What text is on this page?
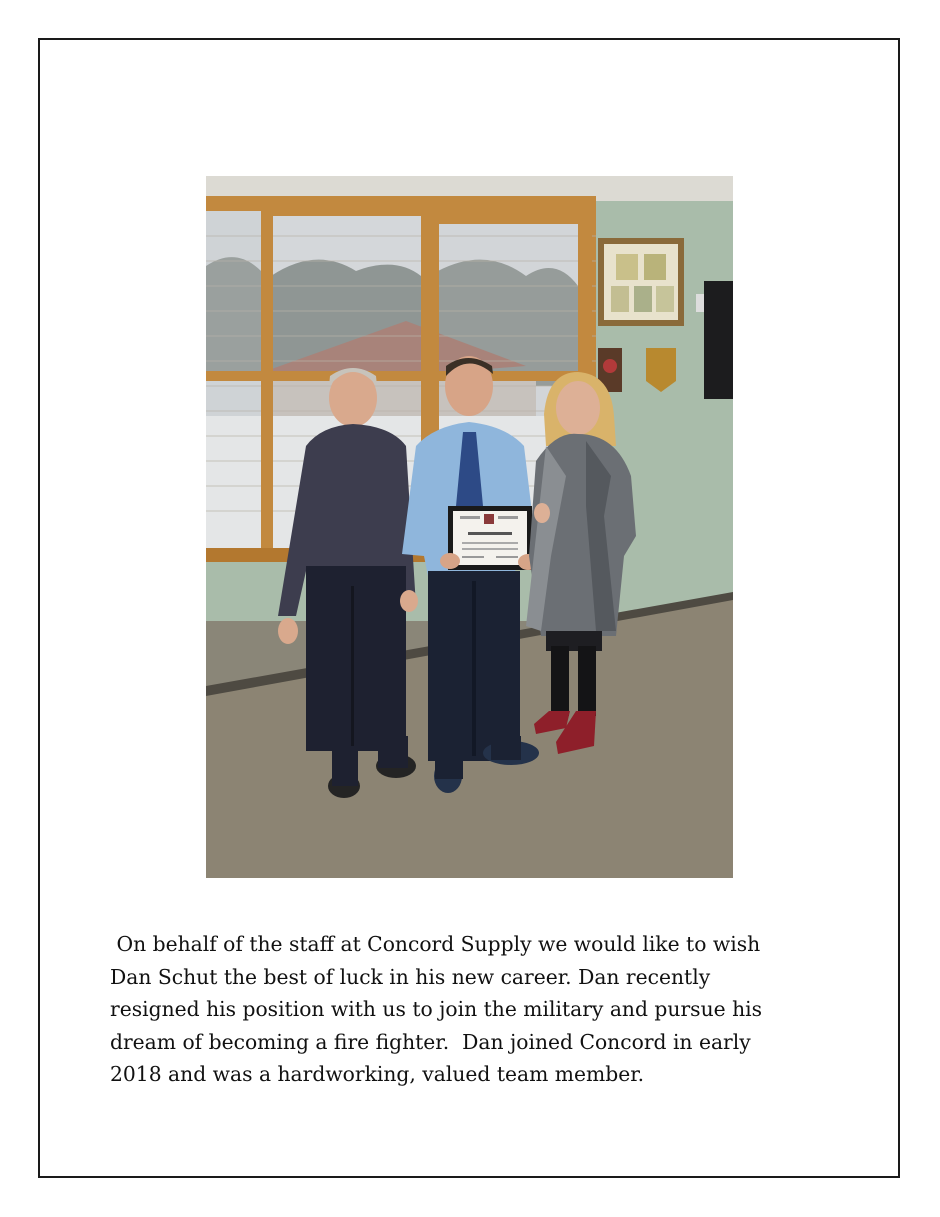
On behalf of the staff at Concord Supply we would like to wish
Dan Schut the best of luck in his new career. Dan recently
resigned his position with us to join the military and pursue his
dream of becoming a fire fighter.  Dan joined Concord in early
2018 and was a hardworking, valued team member.
